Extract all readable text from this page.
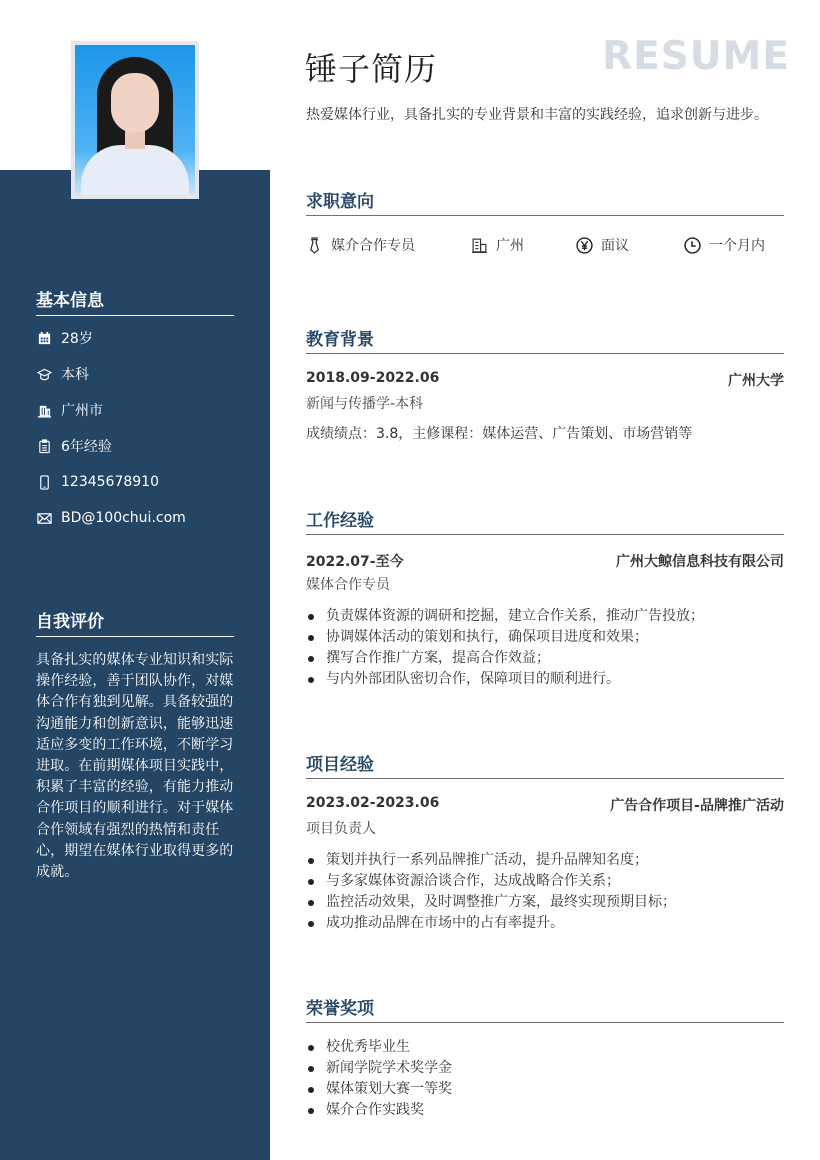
锤子简历	RESUME
热爱媒体行业，具备扎实的专业背景和丰富的实践经验，追求创新与进步。
基本信息
28岁
本科
广州市
6年经验
12345678910
BD@100chui.com
自我评价
具备扎实的媒体专业知识和实际操作经验，善于团队协作，对媒体合作有独到见解。具备较强的沟通能力和创新意识，能够迅速适应多变的工作环境，不断学习进取。在前期媒体项目实践中，积累了丰富的经验，有能力推动合作项目的顺利进行。对于媒体合作领域有强烈的热情和责任心，期望在媒体行业取得更多的成就。
求职意向
媒介合作专员	广州	面议	一个月内
教育背景
2018.09-2022.06	广州大学
新闻与传播学-本科
成绩绩点：3.8，主修课程：媒体运营、广告策划、市场营销等
工作经验
2022.07-至今	广州大鲸信息科技有限公司
媒体合作专员
负责媒体资源的调研和挖掘，建立合作关系，推动广告投放；
协调媒体活动的策划和执行，确保项目进度和效果；
撰写合作推广方案，提高合作效益；
与内外部团队密切合作，保障项目的顺利进行。
项目经验
2023.02-2023.06	广告合作项目-品牌推广活动
项目负责人
策划并执行一系列品牌推广活动，提升品牌知名度；
与多家媒体资源洽谈合作，达成战略合作关系；
监控活动效果，及时调整推广方案，最终实现预期目标；
成功推动品牌在市场中的占有率提升。
荣誉奖项
校优秀毕业生
新闻学院学术奖学金
媒体策划大赛一等奖
媒介合作实践奖
